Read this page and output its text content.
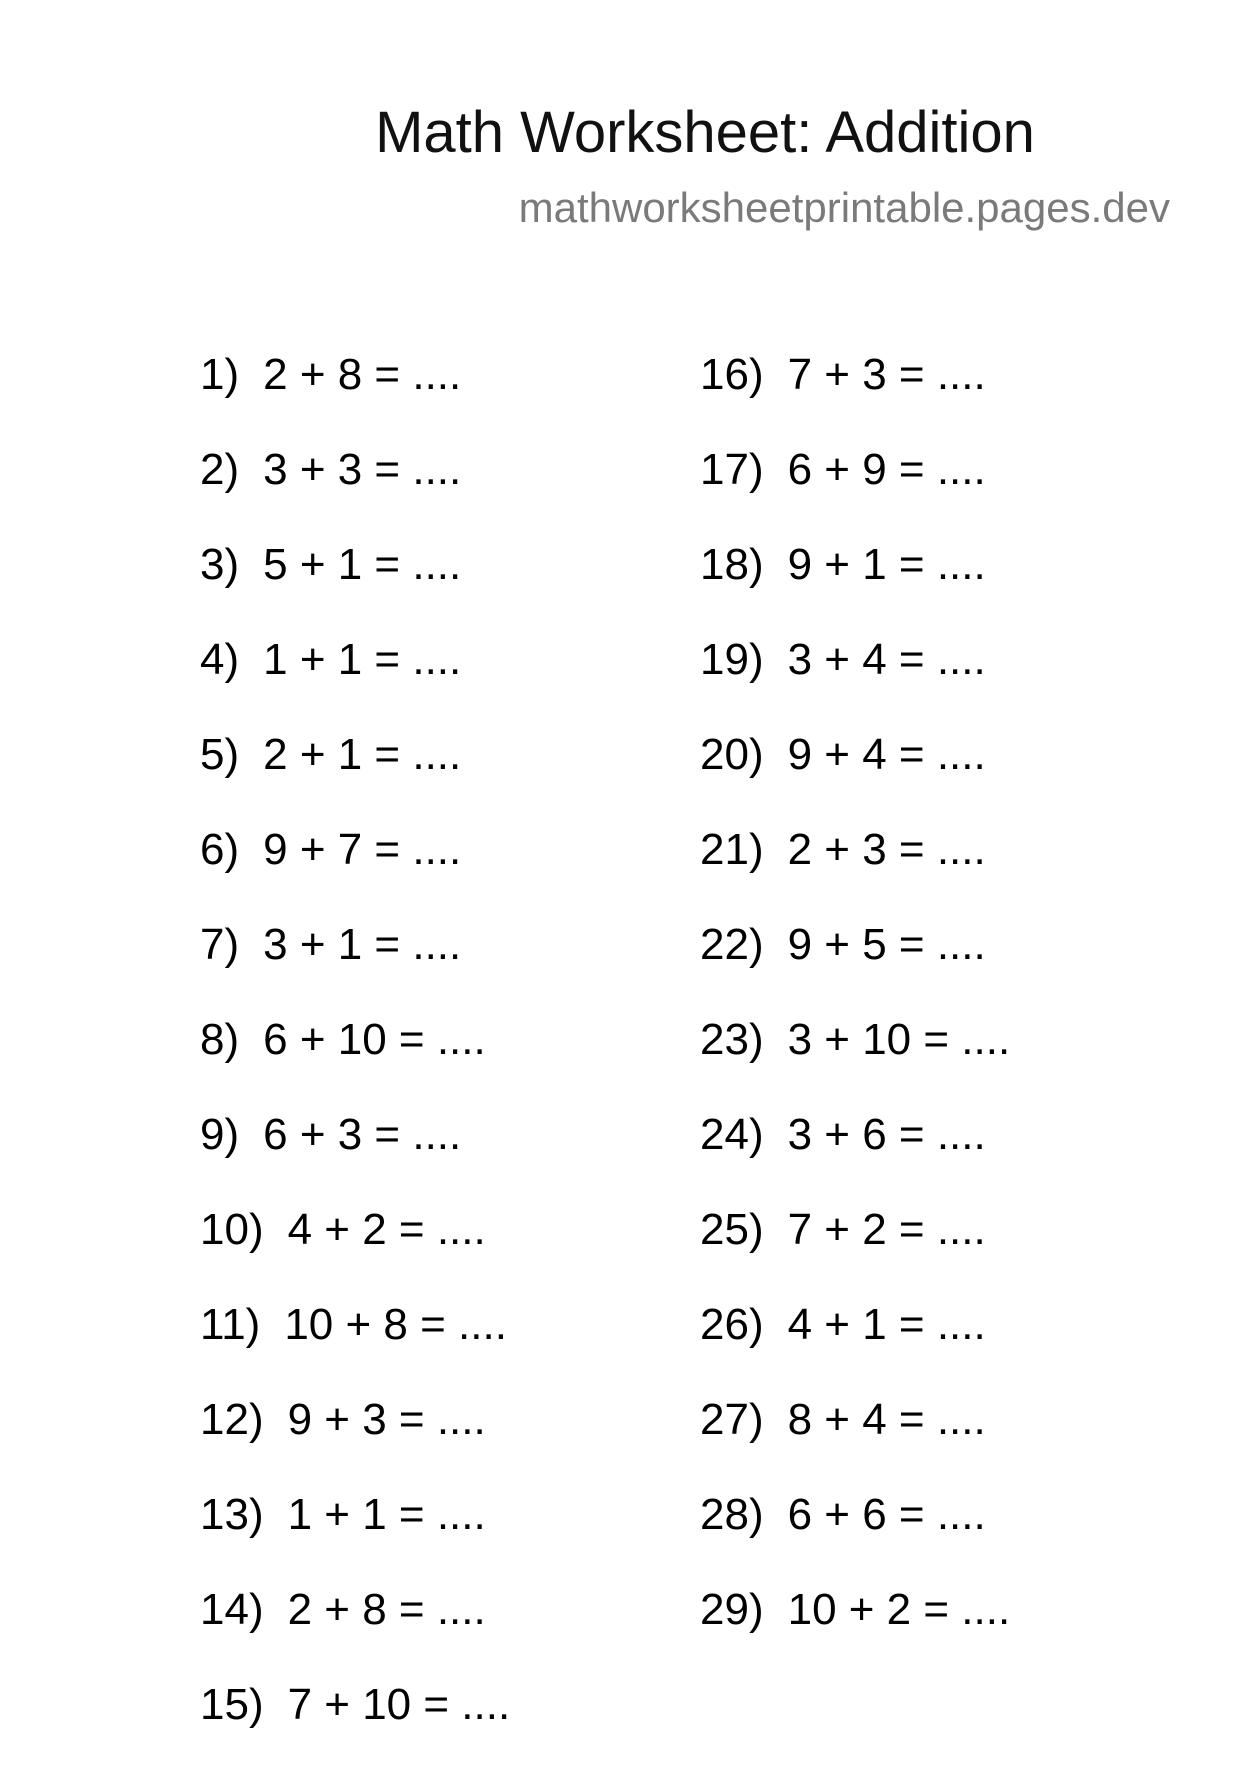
Math Worksheet: Addition
mathworksheetprintable.pages.dev
1) 2 + 8 = ....
2) 3 + 3 = ....
3) 5 + 1 = ....
4) 1 + 1 = ....
5) 2 + 1 = ....
6) 9 + 7 = ....
7) 3 + 1 = ....
8) 6 + 10 = ....
9) 6 + 3 = ....
10) 4 + 2 = ....
11) 10 + 8 = ....
12) 9 + 3 = ....
13) 1 + 1 = ....
14) 2 + 8 = ....
15) 7 + 10 = ....
16) 7 + 3 = ....
17) 6 + 9 = ....
18) 9 + 1 = ....
19) 3 + 4 = ....
20) 9 + 4 = ....
21) 2 + 3 = ....
22) 9 + 5 = ....
23) 3 + 10 = ....
24) 3 + 6 = ....
25) 7 + 2 = ....
26) 4 + 1 = ....
27) 8 + 4 = ....
28) 6 + 6 = ....
29) 10 + 2 = ....
